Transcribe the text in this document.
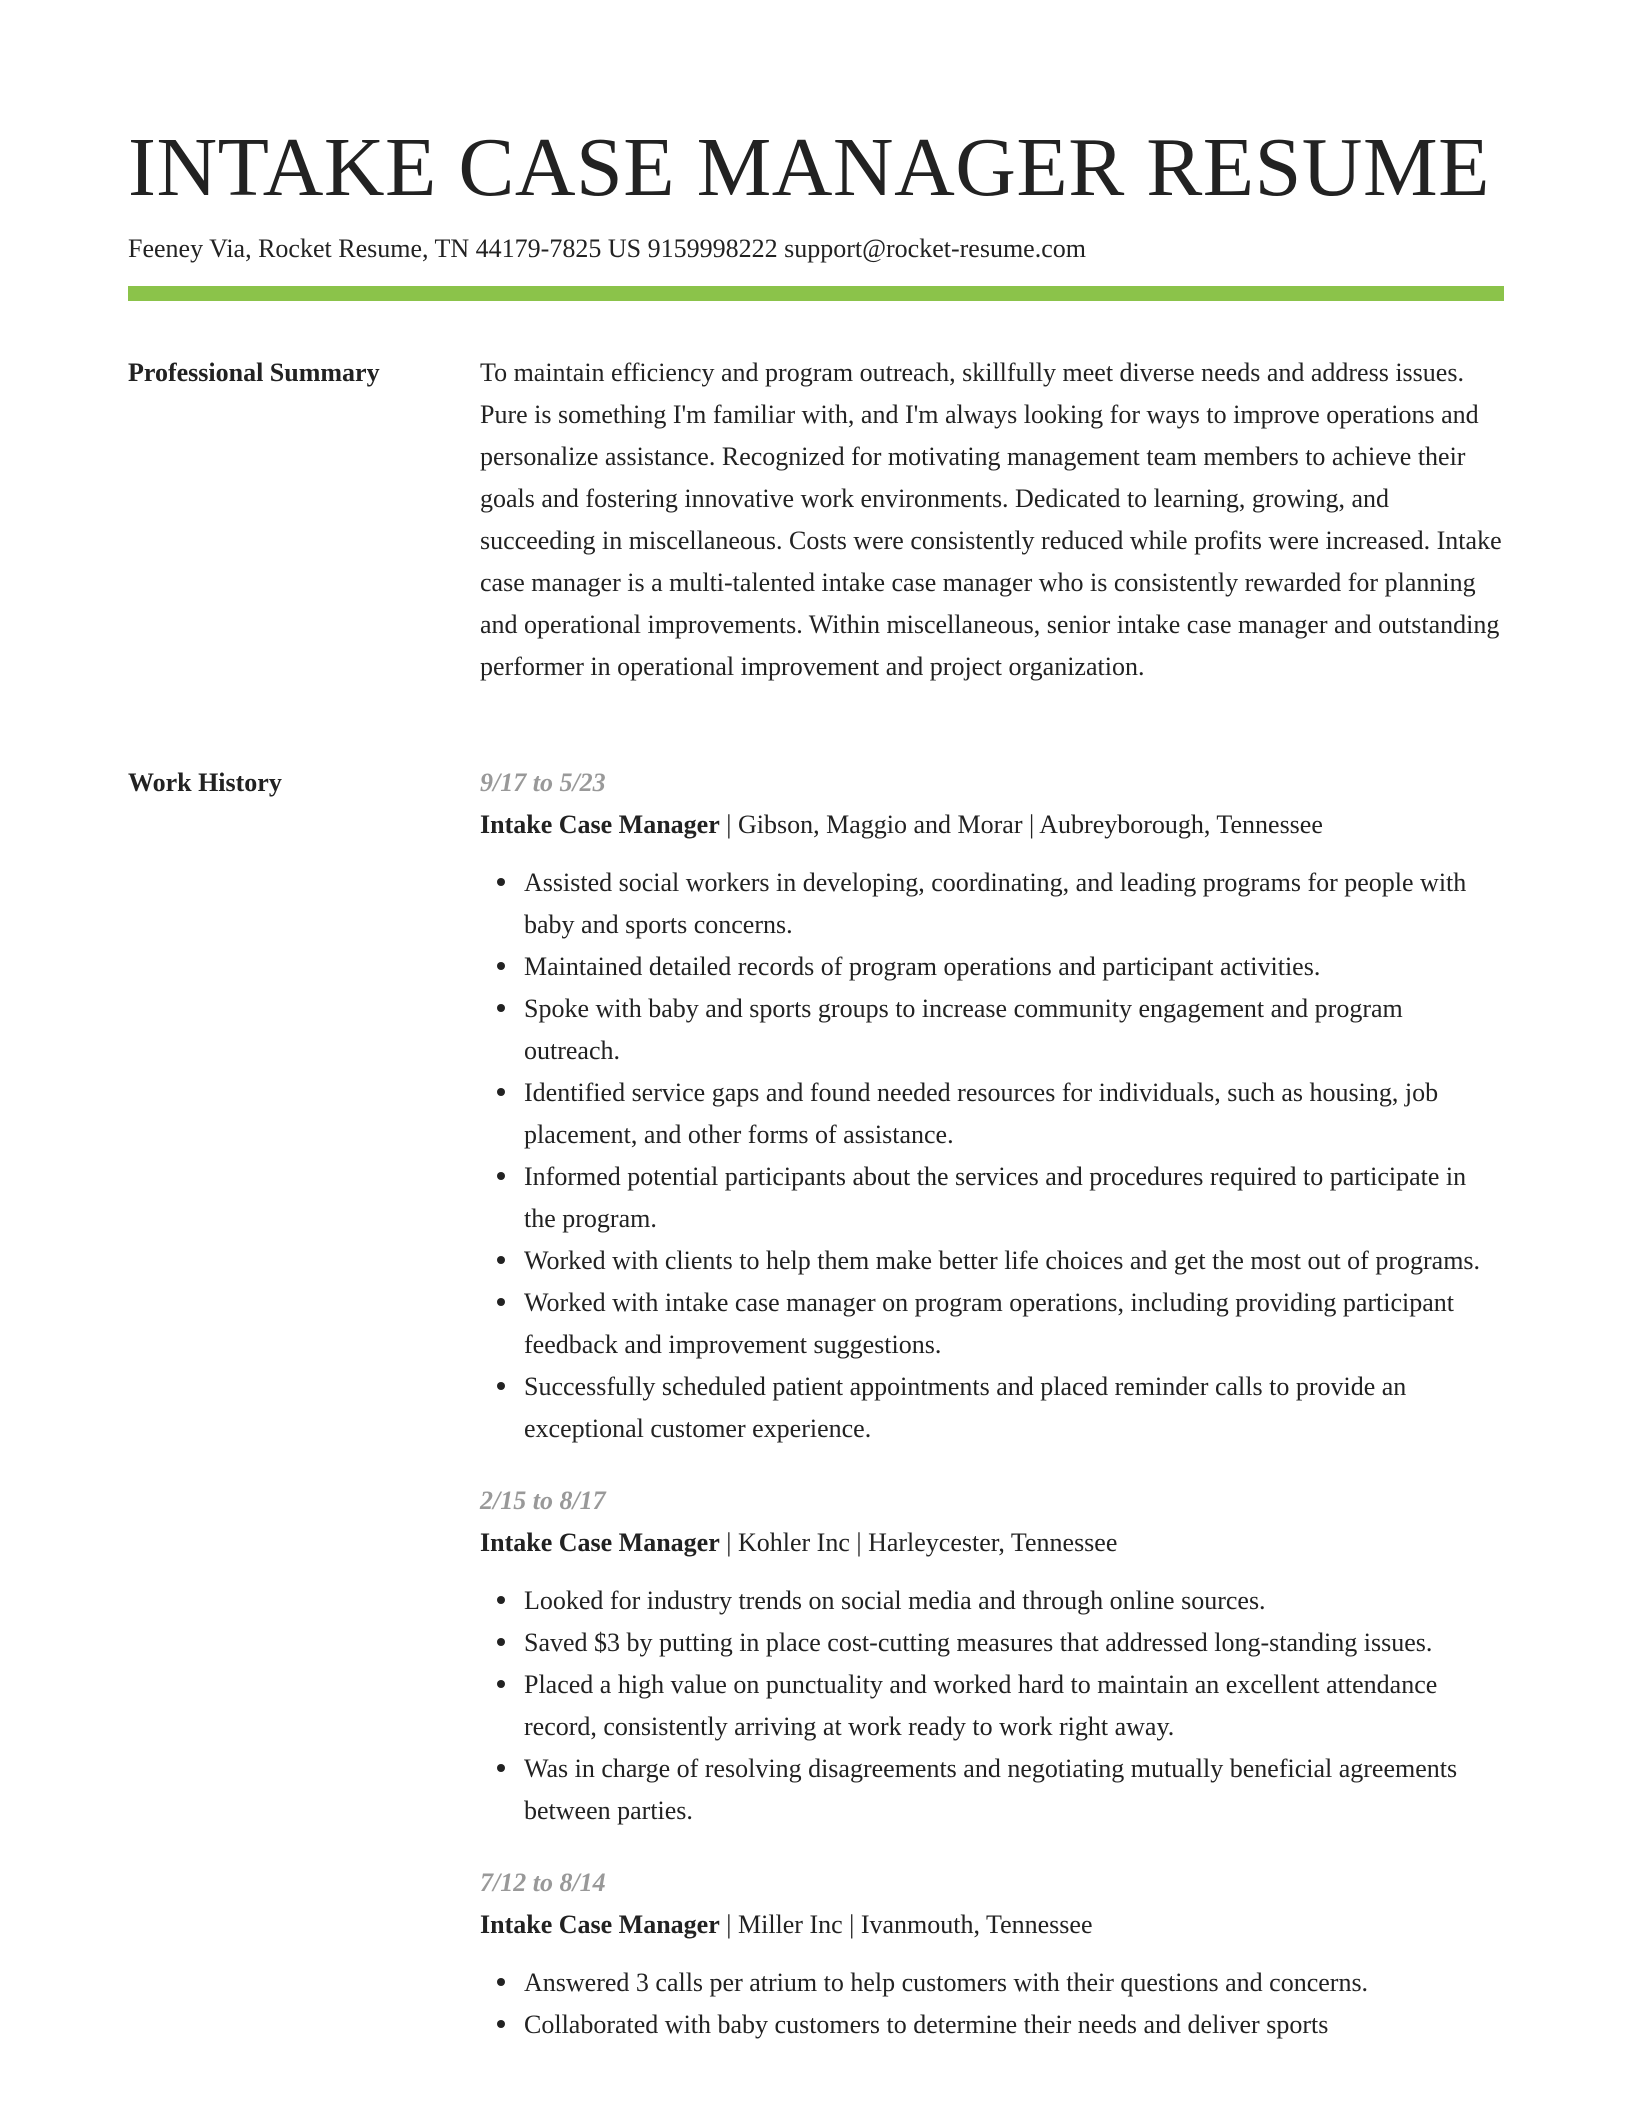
INTAKE CASE MANAGER RESUME
Feeney Via, Rocket Resume, TN 44179-7825 US 9159998222 support@rocket-resume.com
Professional Summary	To maintain efficiency and program outreach, skillfully meet diverse needs and address issues. Pure is something I'm familiar with, and I'm always looking for ways to improve operations and personalize assistance. Recognized for motivating management team members to achieve their goals and fostering innovative work environments. Dedicated to learning, growing, and succeeding in miscellaneous. Costs were consistently reduced while profits were increased. Intake case manager is a multi-talented intake case manager who is consistently rewarded for planning and operational improvements. Within miscellaneous, senior intake case manager and outstanding performer in operational improvement and project organization.

Work History	9/17 to 5/23
Intake Case Manager | Gibson, Maggio and Morar | Aubreyborough, Tennessee
Assisted social workers in developing, coordinating, and leading programs for people with baby and sports concerns.
Maintained detailed records of program operations and participant activities.
Spoke with baby and sports groups to increase community engagement and program outreach.
Identified service gaps and found needed resources for individuals, such as housing, job placement, and other forms of assistance.
Informed potential participants about the services and procedures required to participate in the program.
Worked with clients to help them make better life choices and get the most out of programs.
Worked with intake case manager on program operations, including providing participant feedback and improvement suggestions.
Successfully scheduled patient appointments and placed reminder calls to provide an exceptional customer experience.
2/15 to 8/17
Intake Case Manager | Kohler Inc | Harleycester, Tennessee
Looked for industry trends on social media and through online sources.
Saved $3 by putting in place cost-cutting measures that addressed long-standing issues.
Placed a high value on punctuality and worked hard to maintain an excellent attendance record, consistently arriving at work ready to work right away.
Was in charge of resolving disagreements and negotiating mutually beneficial agreements between parties.
7/12 to 8/14
Intake Case Manager | Miller Inc | Ivanmouth, Tennessee
Answered 3 calls per atrium to help customers with their questions and concerns.
Collaborated with baby customers to determine their needs and deliver sports
